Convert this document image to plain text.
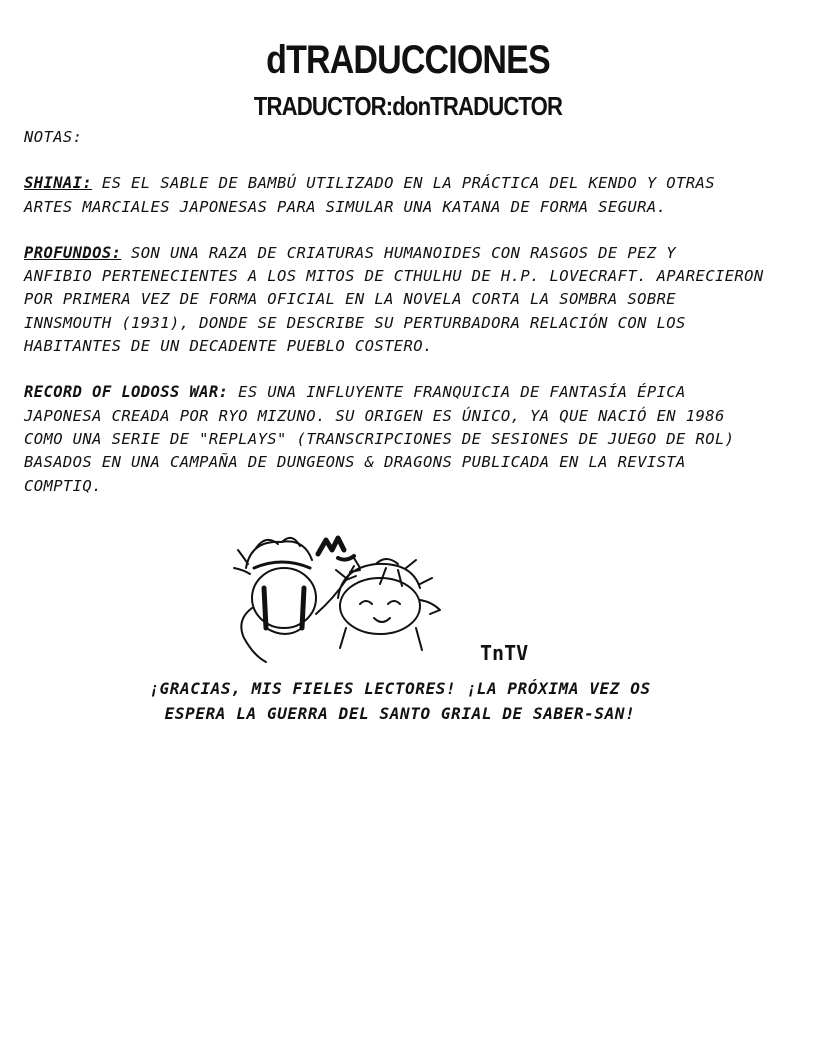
dTRADUCCIONES
TRADUCTOR:donTRADUCTOR

NOTAS:

SHINAI: ES EL SABLE DE BAMBÚ UTILIZADO EN LA PRÁCTICA DEL KENDO Y OTRAS

ARTES MARCIALES JAPONESAS PARA SIMULAR UNA KATANA DE FORMA SEGURA.

PROFUNDOS: SON UNA RAZA DE CRIATURAS HUMANOIDES CON RASGOS DE PEZ Y

ANFIBIO PERTENECIENTES A LOS MITOS DE CTHULHU DE H.P. LOVECRAFT. APARECIERON

POR PRIMERA VEZ DE FORMA OFICIAL EN LA NOVELA CORTA LA SOMBRA SOBRE

INNSMOUTH (1931), DONDE SE DESCRIBE SU PERTURBADORA RELACIÓN CON LOS

HABITANTES DE UN DECADENTE PUEBLO COSTERO.

RECORD OF LODOSS WAR: ES UNA INFLUYENTE FRANQUICIA DE FANTASÍA ÉPICA

JAPONESA CREADA POR RYO MIZUNO. SU ORIGEN ES ÚNICO, YA QUE NACIÓ EN 1986

COMO UNA SERIE DE "REPLAYS" (TRANSCRIPCIONES DE SESIONES DE JUEGO DE ROL)

BASADOS EN UNA CAMPAÑA DE DUNGEONS & DRAGONS PUBLICADA EN LA REVISTA

COMPTIQ.

TnTV

¡GRACIAS, MIS FIELES LECTORES! ¡LA PRÓXIMA VEZ OS

ESPERA LA GUERRA DEL SANTO GRIAL DE SABER-SAN!
